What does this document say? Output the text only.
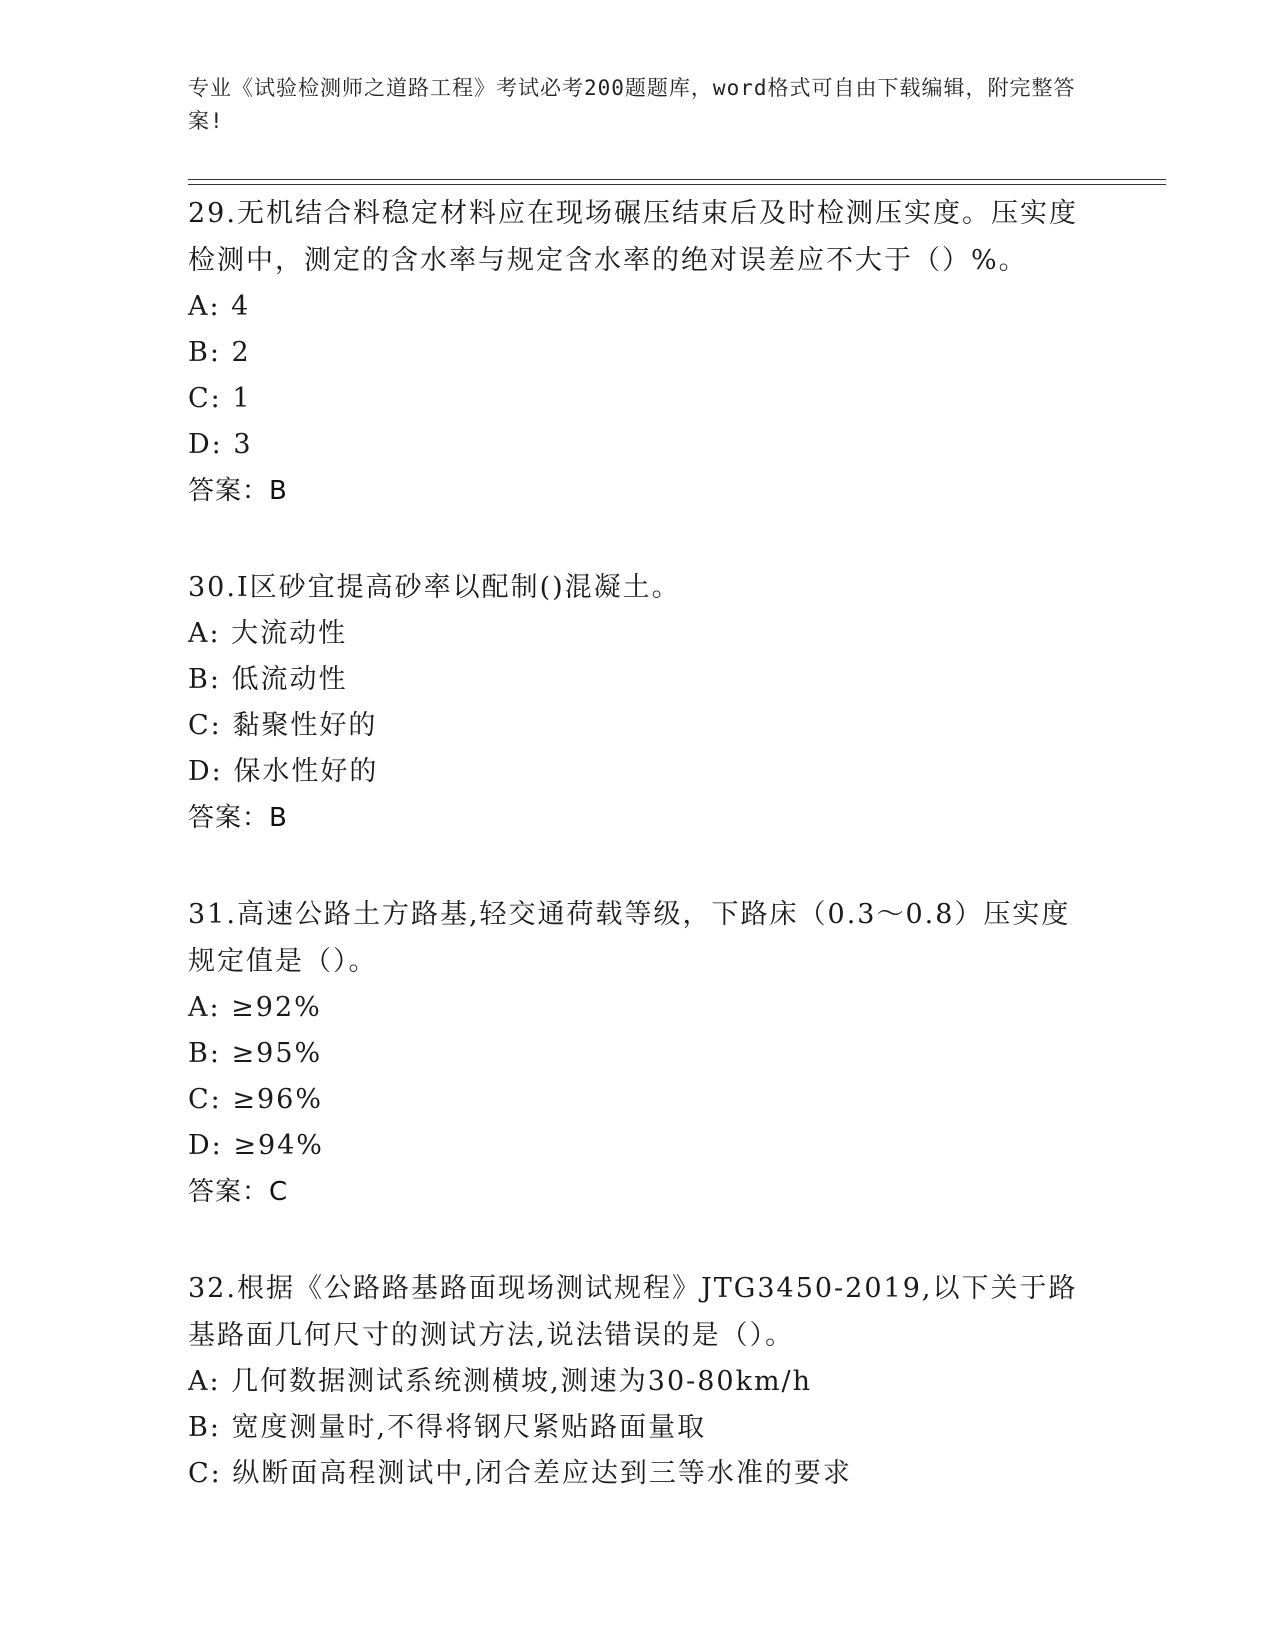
专业《试验检测师之道路工程》考试必考200题题库，word格式可自由下载编辑，附完整答案!
29.无机结合料稳定材料应在现场碾压结束后及时检测压实度。压实度检测中，测定的含水率与规定含水率的绝对误差应不大于（）%。
A: 4
B: 2
C: 1
D: 3
答案：B
30.I区砂宜提高砂率以配制()混凝土。
A: 大流动性
B: 低流动性
C: 黏聚性好的
D: 保水性好的
答案：B
31.高速公路土方路基,轻交通荷载等级，下路床（0.3～0.8）压实度规定值是（）。
A: ≥92%
B: ≥95%
C: ≥96%
D: ≥94%
答案：C
32.根据《公路路基路面现场测试规程》JTG3450-2019,以下关于路基路面几何尺寸的测试方法,说法错误的是（）。
A: 几何数据测试系统测横坡,测速为30-80km/h
B: 宽度测量时,不得将钢尺紧贴路面量取
C: 纵断面高程测试中,闭合差应达到三等水准的要求
